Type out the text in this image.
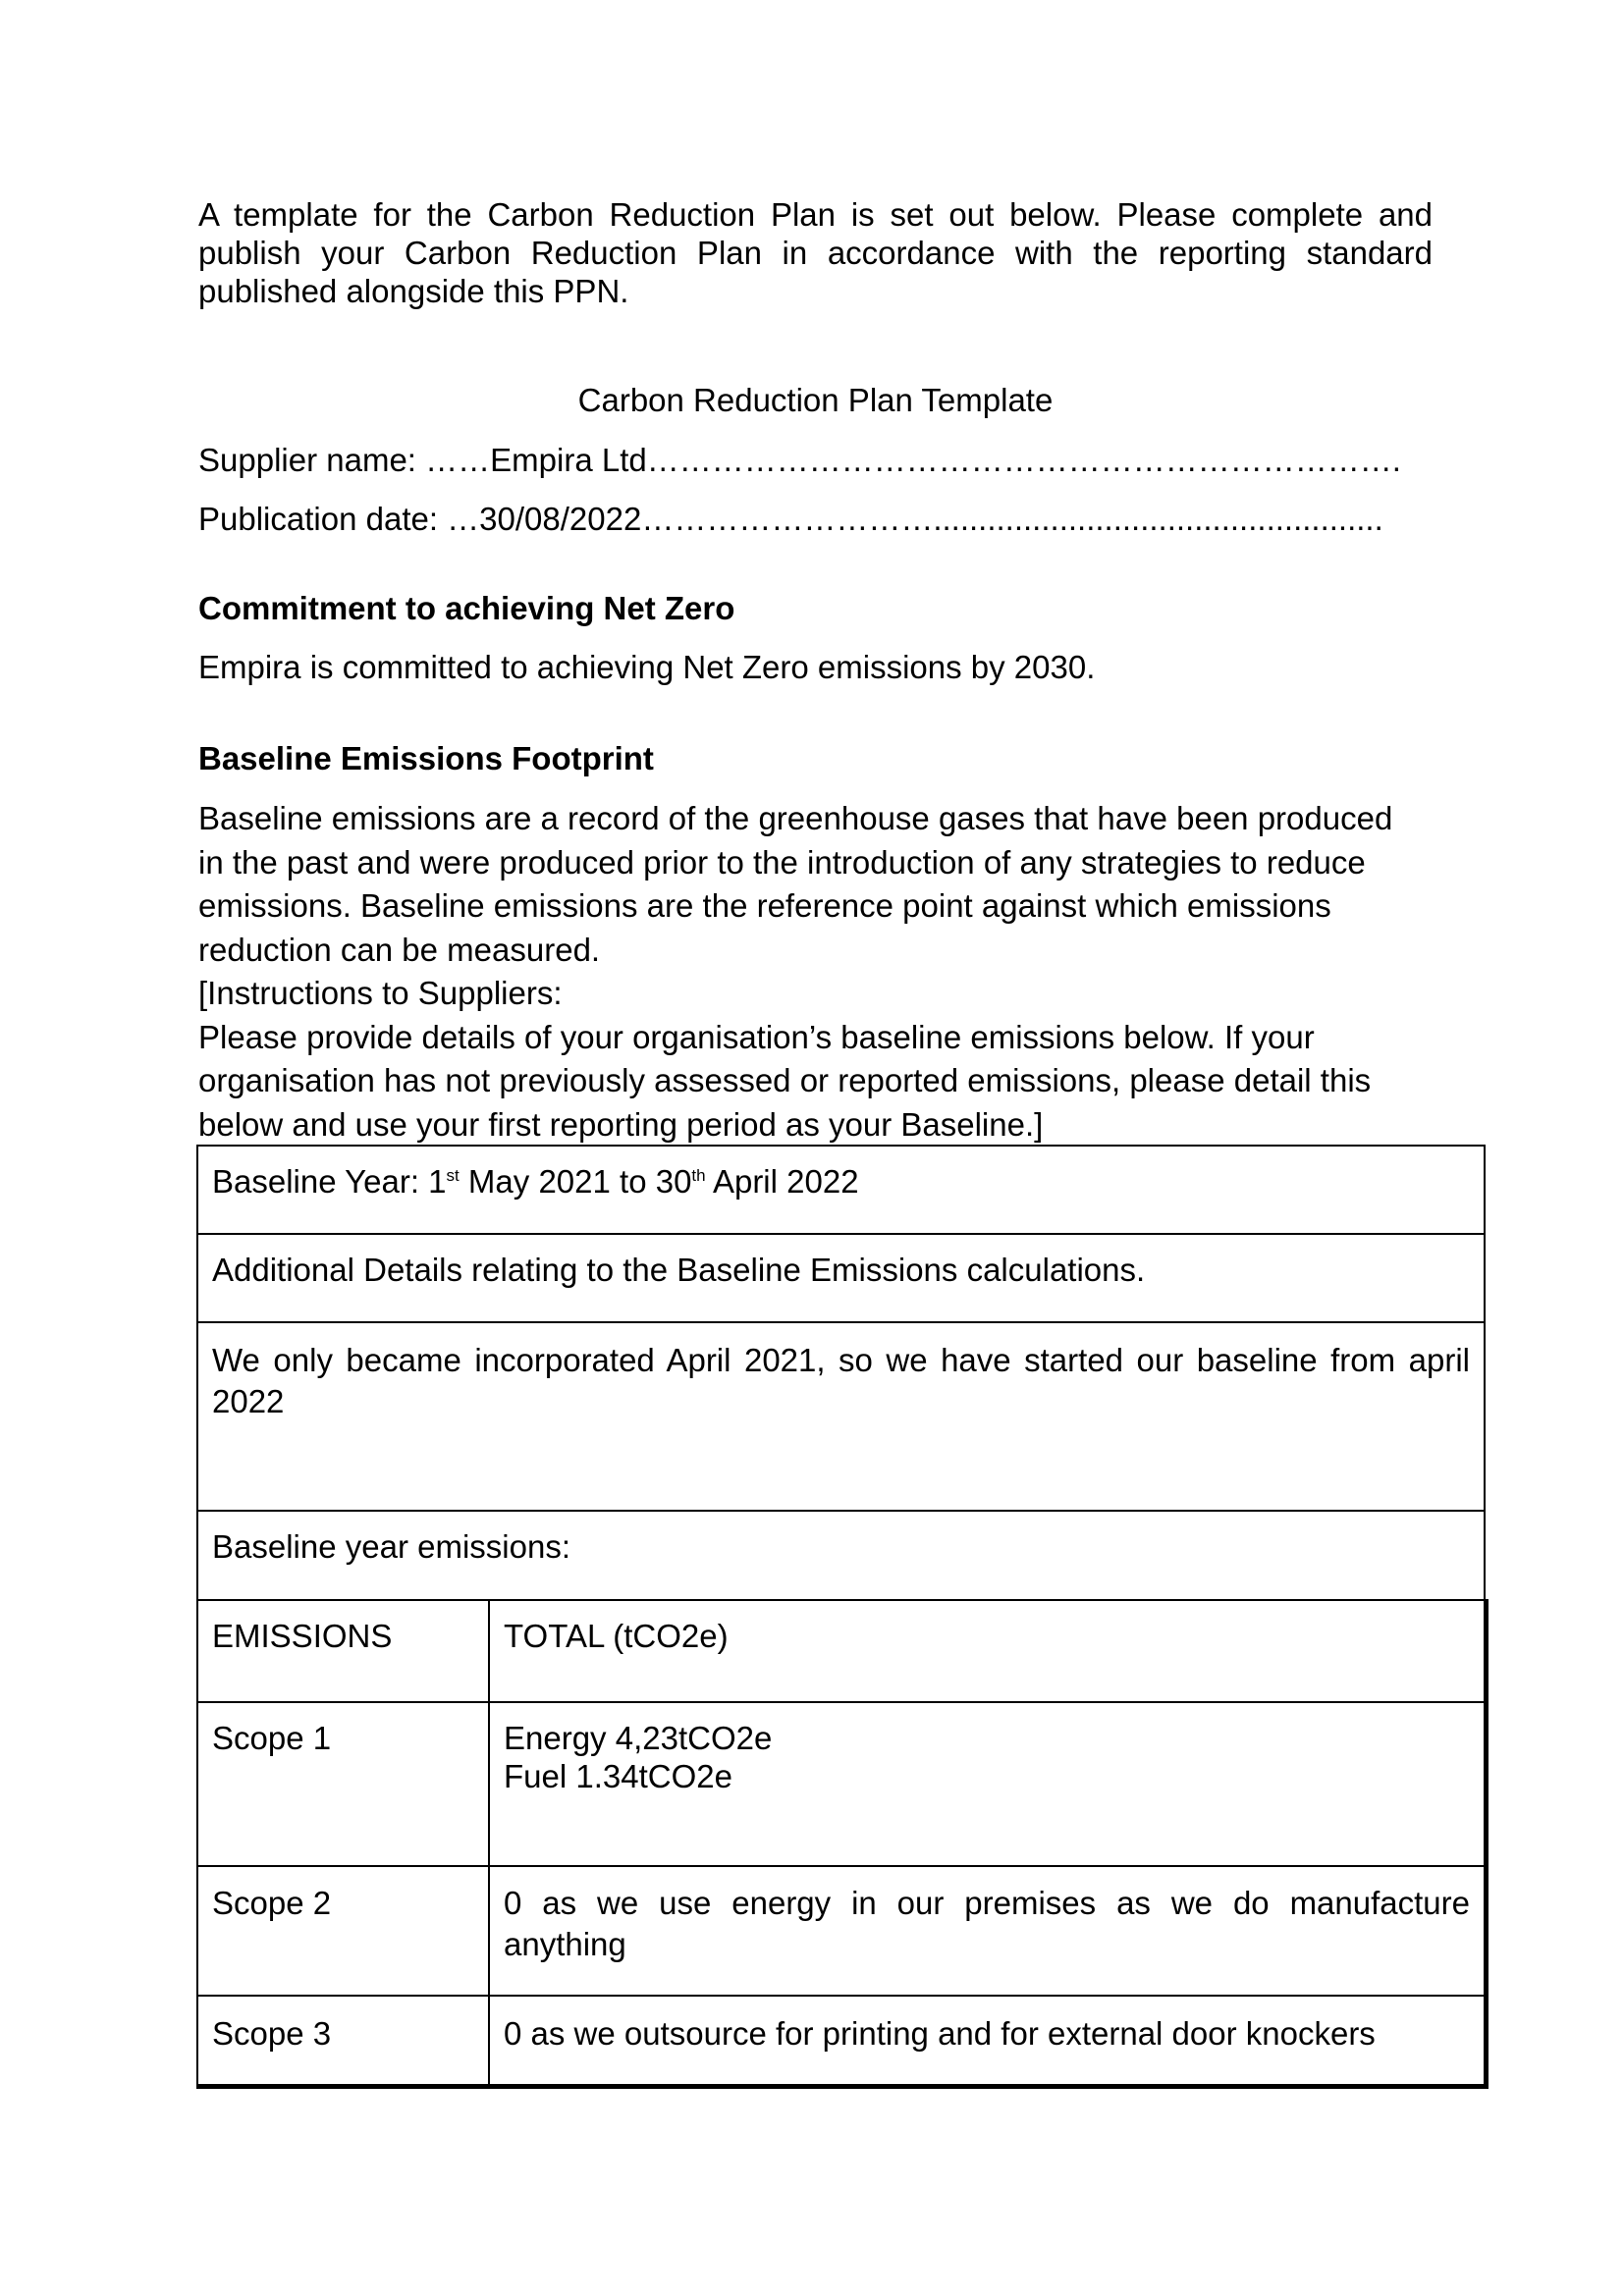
A template for the Carbon Reduction Plan is set out below. Please complete and publish your Carbon Reduction Plan in accordance with the reporting standard published alongside this PPN.
Carbon Reduction Plan Template
Supplier name: ……Empira Ltd…………………………………………………………….
Publication date: …30/08/2022………………………..................................................
Commitment to achieving Net Zero
Empira is committed to achieving Net Zero emissions by 2030.
Baseline Emissions Footprint
Baseline emissions are a record of the greenhouse gases that have been produced
in the past and were produced prior to the introduction of any strategies to reduce
emissions. Baseline emissions are the reference point against which emissions
reduction can be measured.
[Instructions to Suppliers:
Please provide details of your organisation’s baseline emissions below. If your
organisation has not previously assessed or reported emissions, please detail this
below and use your first reporting period as your Baseline.]
Baseline Year: 1st May 2021 to 30th April 2022
Additional Details relating to the Baseline Emissions calculations.
We only became incorporated April 2021, so we have started our baseline from april 2022
Baseline year emissions:
EMISSIONS	TOTAL (tCO2e)
Scope 1	Energy 4,23tCO2e
Fuel 1.34tCO2e

Scope 2	0 as we use energy in our premises as we do manufacture anything
Scope 3	0 as we outsource for printing and for external door knockers
